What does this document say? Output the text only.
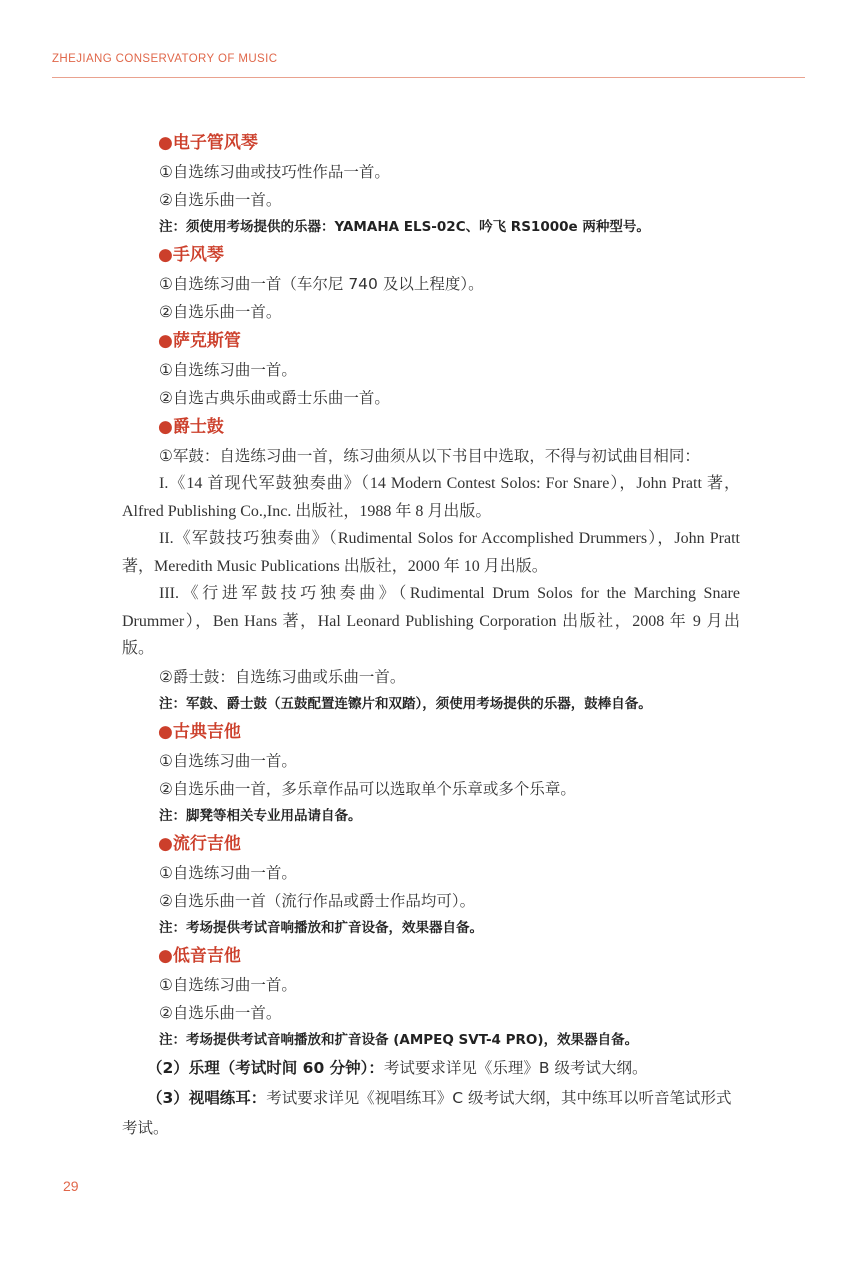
ZHEJIANG CONSERVATORY OF MUSIC
●电子管风琴
①自选练习曲或技巧性作品一首。
②自选乐曲一首。
注：须使用考场提供的乐器：YAMAHA ELS-02C、吟飞 RS1000e 两种型号。
●手风琴
①自选练习曲一首（车尔尼 740 及以上程度）。
②自选乐曲一首。
●萨克斯管
①自选练习曲一首。
②自选古典乐曲或爵士乐曲一首。
●爵士鼓
①军鼓：自选练习曲一首，练习曲须从以下书目中选取，不得与初试曲目相同：
I.《14 首现代军鼓独奏曲》（14 Modern Contest Solos: For Snare），John Pratt 著，Alfred Publishing Co.,Inc. 出版社，1988 年 8 月出版。
II.《军鼓技巧独奏曲》（Rudimental Solos for Accomplished Drummers），John Pratt 著，Meredith Music Publications 出版社，2000 年 10 月出版。
III.《行进军鼓技巧独奏曲》（Rudimental Drum Solos for the Marching Snare Drummer），Ben Hans 著，Hal Leonard Publishing Corporation 出版社，2008 年 9 月出版。
②爵士鼓：自选练习曲或乐曲一首。
注：军鼓、爵士鼓（五鼓配置连镲片和双踏），须使用考场提供的乐器，鼓棒自备。
●古典吉他
①自选练习曲一首。
②自选乐曲一首，多乐章作品可以选取单个乐章或多个乐章。
注：脚凳等相关专业用品请自备。
●流行吉他
①自选练习曲一首。
②自选乐曲一首（流行作品或爵士作品均可）。
注：考场提供考试音响播放和扩音设备，效果器自备。
●低音吉他
①自选练习曲一首。
②自选乐曲一首。
注：考场提供考试音响播放和扩音设备 (AMPEQ SVT-4 PRO)，效果器自备。
（2）乐理（考试时间 60 分钟）：考试要求详见《乐理》B 级考试大纲。
（3）视唱练耳：考试要求详见《视唱练耳》C 级考试大纲，其中练耳以听音笔试形式考试。
29
